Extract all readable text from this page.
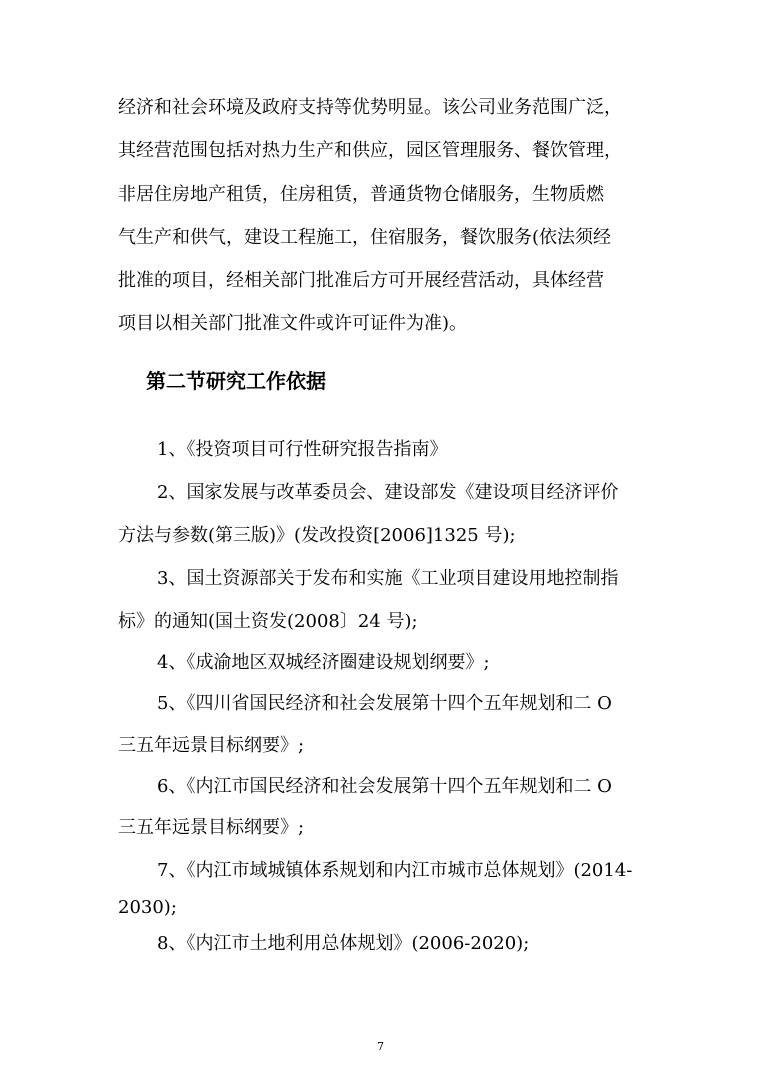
经济和社会环境及政府支持等优势明显。该公司业务范围广泛，
其经营范围包括对热力生产和供应，园区管理服务、餐饮管理，
非居住房地产租赁，住房租赁，普通货物仓储服务，生物质燃
气生产和供气，建设工程施工，住宿服务，餐饮服务(依法须经
批准的项目，经相关部门批准后方可开展经营活动，具体经营
项目以相关部门批准文件或许可证件为准)。
第二节研究工作依据
1、《投资项目可行性研究报告指南》
2、国家发展与改革委员会、建设部发《建设项目经济评价
方法与参数(第三版)》(发改投资[2006]1325 号);
3、国土资源部关于发布和实施《工业项目建设用地控制指
标》的通知(国土资发(2008〕24 号);
4、《成渝地区双城经济圈建设规划纲要》;
5、《四川省国民经济和社会发展第十四个五年规划和二 O
三五年远景目标纲要》;
6、《内江市国民经济和社会发展第十四个五年规划和二 O
三五年远景目标纲要》;
7、《内江市域城镇体系规划和内江市城市总体规划》(2014-
2030);
8、《内江市土地利用总体规划》(2006-2020);
7
